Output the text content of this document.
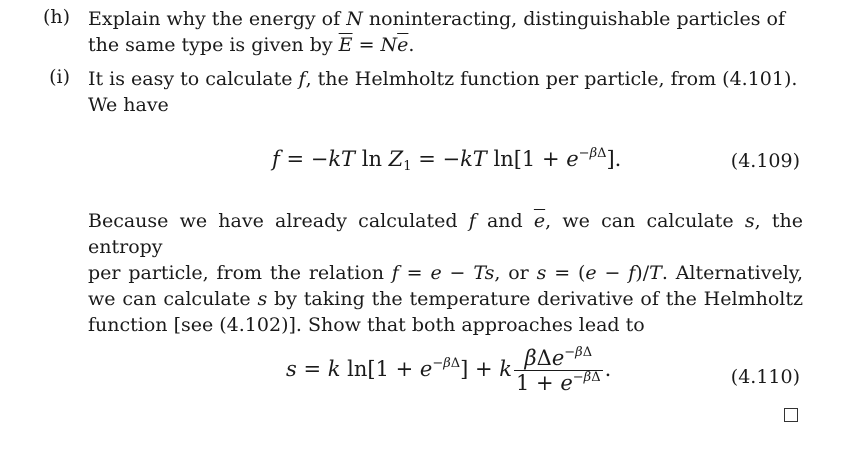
(h) Explain why the energy of N noninteracting, distinguishable particles of
the same type is given by $\overline{E} = N\overline{e}$.
(i) It is easy to calculate f, the Helmholtz function per particle, from (4.101).
We have
f = −kT $\ln Z_1 = -kT$ $\ln[1 + e^{-\beta\Delta}]$.	(4.109)
Because we have already calculated f and $\overline{e}$, we can calculate s, the entropy
per particle, from the relation f = e − Ts, or s = (e − f)/T. Alternatively,
we can calculate s by taking the temperature derivative of the Helmholtz
function [see (4.102)]. Show that both approaches lead to
s = k $\ln[1 + e^{-\beta\Delta}] + k \frac{\beta\Delta e^{-\beta\Delta}}{1 + e^{-\beta\Delta}}$ .	(4.110)
